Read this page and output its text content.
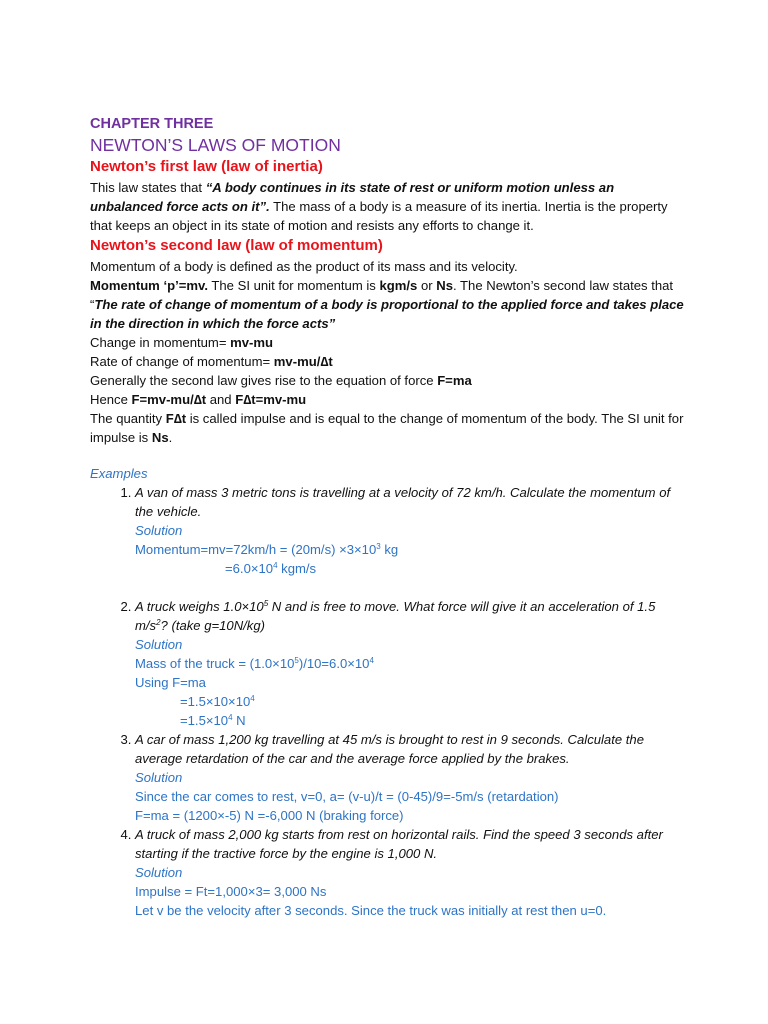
CHAPTER THREE
NEWTON’S LAWS OF MOTION
Newton’s first law (law of inertia)

This law states that “A body continues in its state of rest or uniform motion unless an unbalanced force acts on it”. The mass of a body is a measure of its inertia. Inertia is the property that keeps an object in its state of motion and resists any efforts to change it.

Newton’s second law (law of momentum)

Momentum of a body is defined as the product of its mass and its velocity.

Momentum ‘p’=mv. The SI unit for momentum is kgm/s or Ns. The Newton’s second law states that “The rate of change of momentum of a body is proportional to the applied force and takes place in the direction in which the force acts”

Change in momentum= mv-mu

Rate of change of momentum= mv-mu/∆t

Generally the second law gives rise to the equation of force F=ma

Hence F=mv-mu/∆t and F∆t=mv-mu

The quantity F∆t is called impulse and is equal to the change of momentum of the body. The SI unit for impulse is Ns.

Examples
1. A van of mass 3 metric tons is travelling at a velocity of 72 km/h. Calculate the momentum of the vehicle.
Solution
Momentum=mv=72km/h = $(20m/s) \times 3\times 10^3$ kg
$=6.0\times 10^4$ kgm/s
2. A truck weighs $1.0\times 10^5$ N and is free to move. What force will give it an acceleration of 1.5 $m/s^2$? (take g=10N/kg)
Solution
Mass of the truck = $(1.0\times 10^5)/10=6.0\times 10^4$
Using F=ma
$=1.5\times 10\times 10^4$
$=1.5\times 10^4$ N
3. A car of mass 1,200 kg travelling at 45 m/s is brought to rest in 9 seconds. Calculate the average retardation of the car and the average force applied by the brakes.
Solution
Since the car comes to rest, v=0, a= (v-u)/t = (0-45)/9=-5m/s (retardation)
F=ma = (1200×-5) N =-6,000 N (braking force)
4. A truck of mass 2,000 kg starts from rest on horizontal rails. Find the speed 3 seconds after starting if the tractive force by the engine is 1,000 N.
Solution
Impulse = Ft=1,000×3= 3,000 Ns
Let v be the velocity after 3 seconds. Since the truck was initially at rest then u=0.
